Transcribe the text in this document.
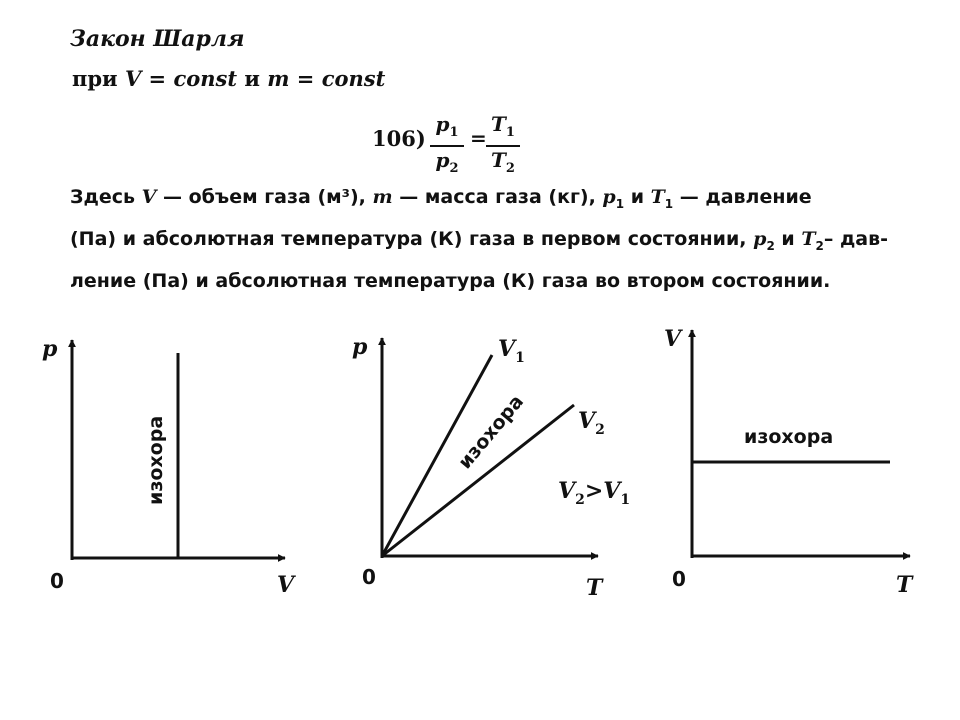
Закон Шарля
при V = const и m = const
$106) \frac{p_1}{p_2} = \frac{T_1}{T_2}$
Здесь V — объем газа (м³), m — масса газа (кг), $p_1$ и $T_1$ — давление
(Па) и абсолютная температура (К) газа в первом состоянии, $p_2$ и $T_2-$ дав-
ление (Па) и абсолютная температура (К) газа во втором состоянии.
p
V
0
изохора
p
T
0
изохора
$V_1$
$V_2$
$V_2>V_1$
V
T
0
изохора
